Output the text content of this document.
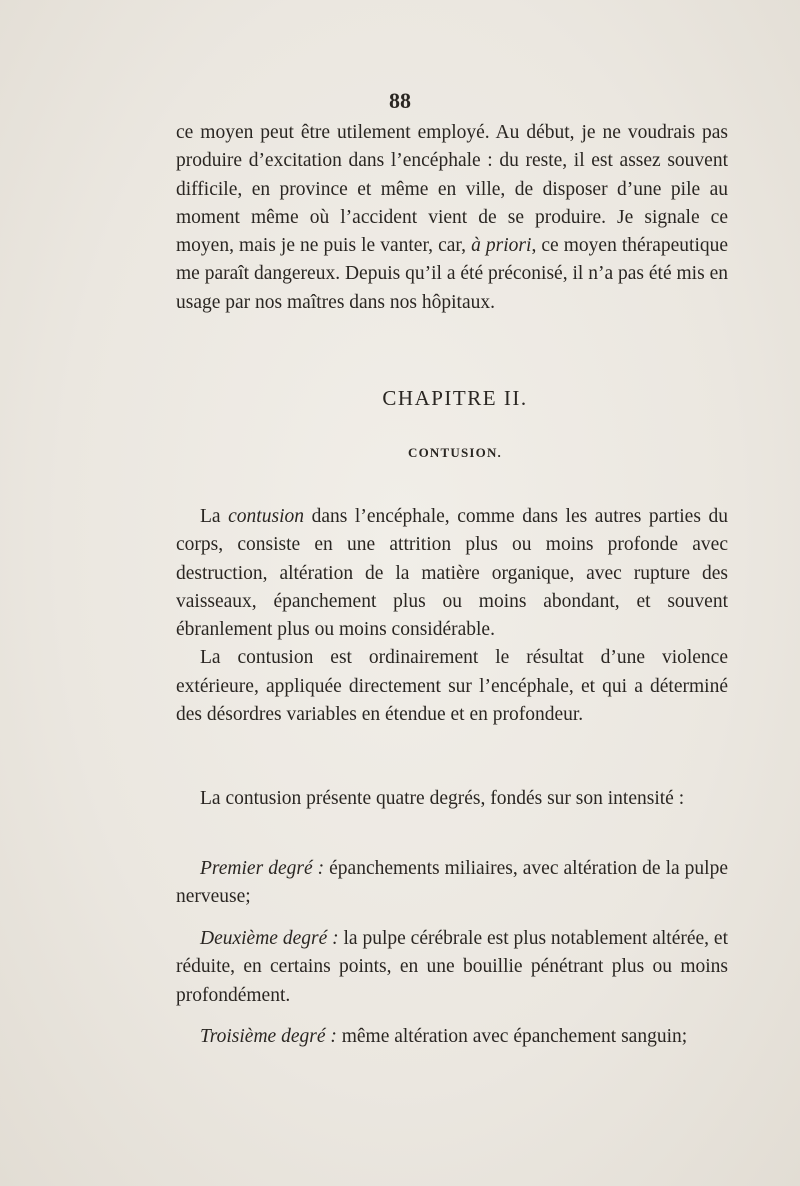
88

ce moyen peut être utilement employé. Au début, je ne voudrais pas produire d’excitation dans l’encéphale : du reste, il est assez souvent difficile, en province et même en ville, de disposer d’une pile au moment même où l’accident vient de se produire. Je signale ce moyen, mais je ne puis le vanter, car, à priori, ce moyen thérapeutique me paraît dangereux. Depuis qu’il a été préconisé, il n’a pas été mis en usage par nos maîtres dans nos hôpitaux.

CHAPITRE II.
CONTUSION.

La contusion dans l’encéphale, comme dans les autres parties du corps, consiste en une attrition plus ou moins profonde avec destruction, altération de la matière organique, avec rupture des vaisseaux, épanchement plus ou moins abondant, et souvent ébranlement plus ou moins considérable.

La contusion est ordinairement le résultat d’une violence extérieure, appliquée directement sur l’encéphale, et qui a déterminé des désordres variables en étendue et en profondeur.

La contusion présente quatre degrés, fondés sur son intensité :

Premier degré : épanchements miliaires, avec altération de la pulpe nerveuse;

Deuxième degré : la pulpe cérébrale est plus notablement altérée, et réduite, en certains points, en une bouillie pénétrant plus ou moins profondément.

Troisième degré : même altération avec épanchement sanguin;
